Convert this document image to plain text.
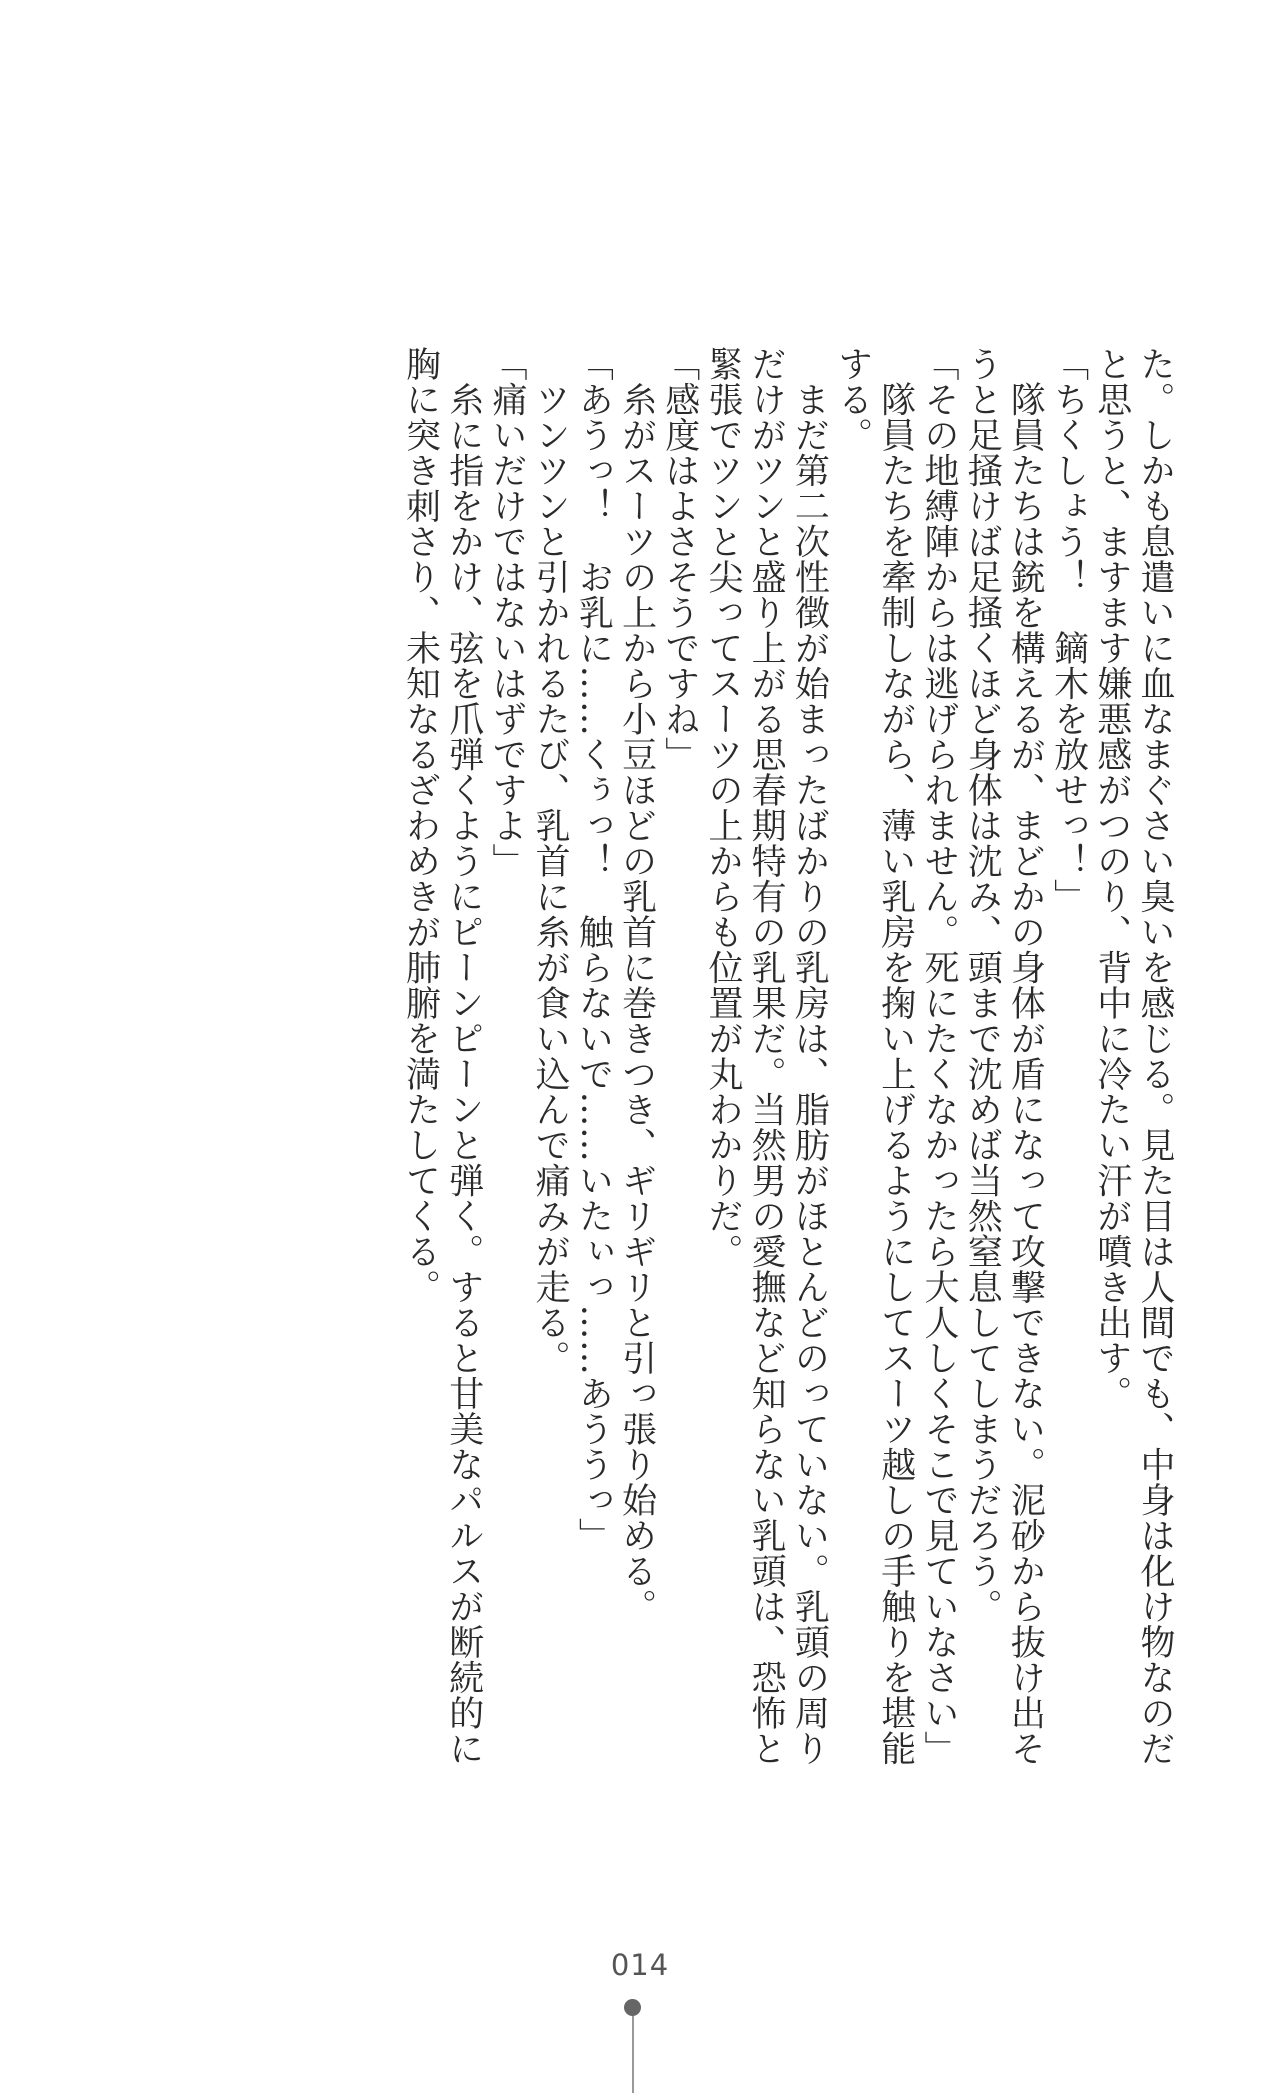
た。しかも息遣いに血なまぐさい臭いを感じる。見た目は人間でも、中身は化け物なのだ
と思うと、ますます嫌悪感がつのり、背中に冷たい汗が噴き出す。
「ちくしょう！　鏑木を放せっ！」
　隊員たちは銃を構えるが、まどかの身体が盾になって攻撃できない。泥砂から抜け出そ
うと足掻けば足掻くほど身体は沈み、頭まで沈めば当然窒息してしまうだろう。
「その地縛陣からは逃げられません。死にたくなかったら大人しくそこで見ていなさい」
　隊員たちを牽制しながら、薄い乳房を掬い上げるようにしてスーツ越しの手触りを堪能
する。
　まだ第二次性徴が始まったばかりの乳房は、脂肪がほとんどのっていない。乳頭の周り
だけがツンと盛り上がる思春期特有の乳果だ。当然男の愛撫など知らない乳頭は、恐怖と
緊張でツンと尖ってスーツの上からも位置が丸わかりだ。
「感度はよさそうですね」
　糸がスーツの上から小豆ほどの乳首に巻きつき、ギリギリと引っ張り始める。
「あうっ！　お乳に……くぅっ！　触らないで……いたぃっ……あううっ」
　ツンツンと引かれるたび、乳首に糸が食い込んで痛みが走る。
「痛いだけではないはずですよ」
　糸に指をかけ、弦を爪弾くようにピーンピーンと弾く。すると甘美なパルスが断続的に
胸に突き刺さり、未知なるざわめきが肺腑を満たしてくる。
014
